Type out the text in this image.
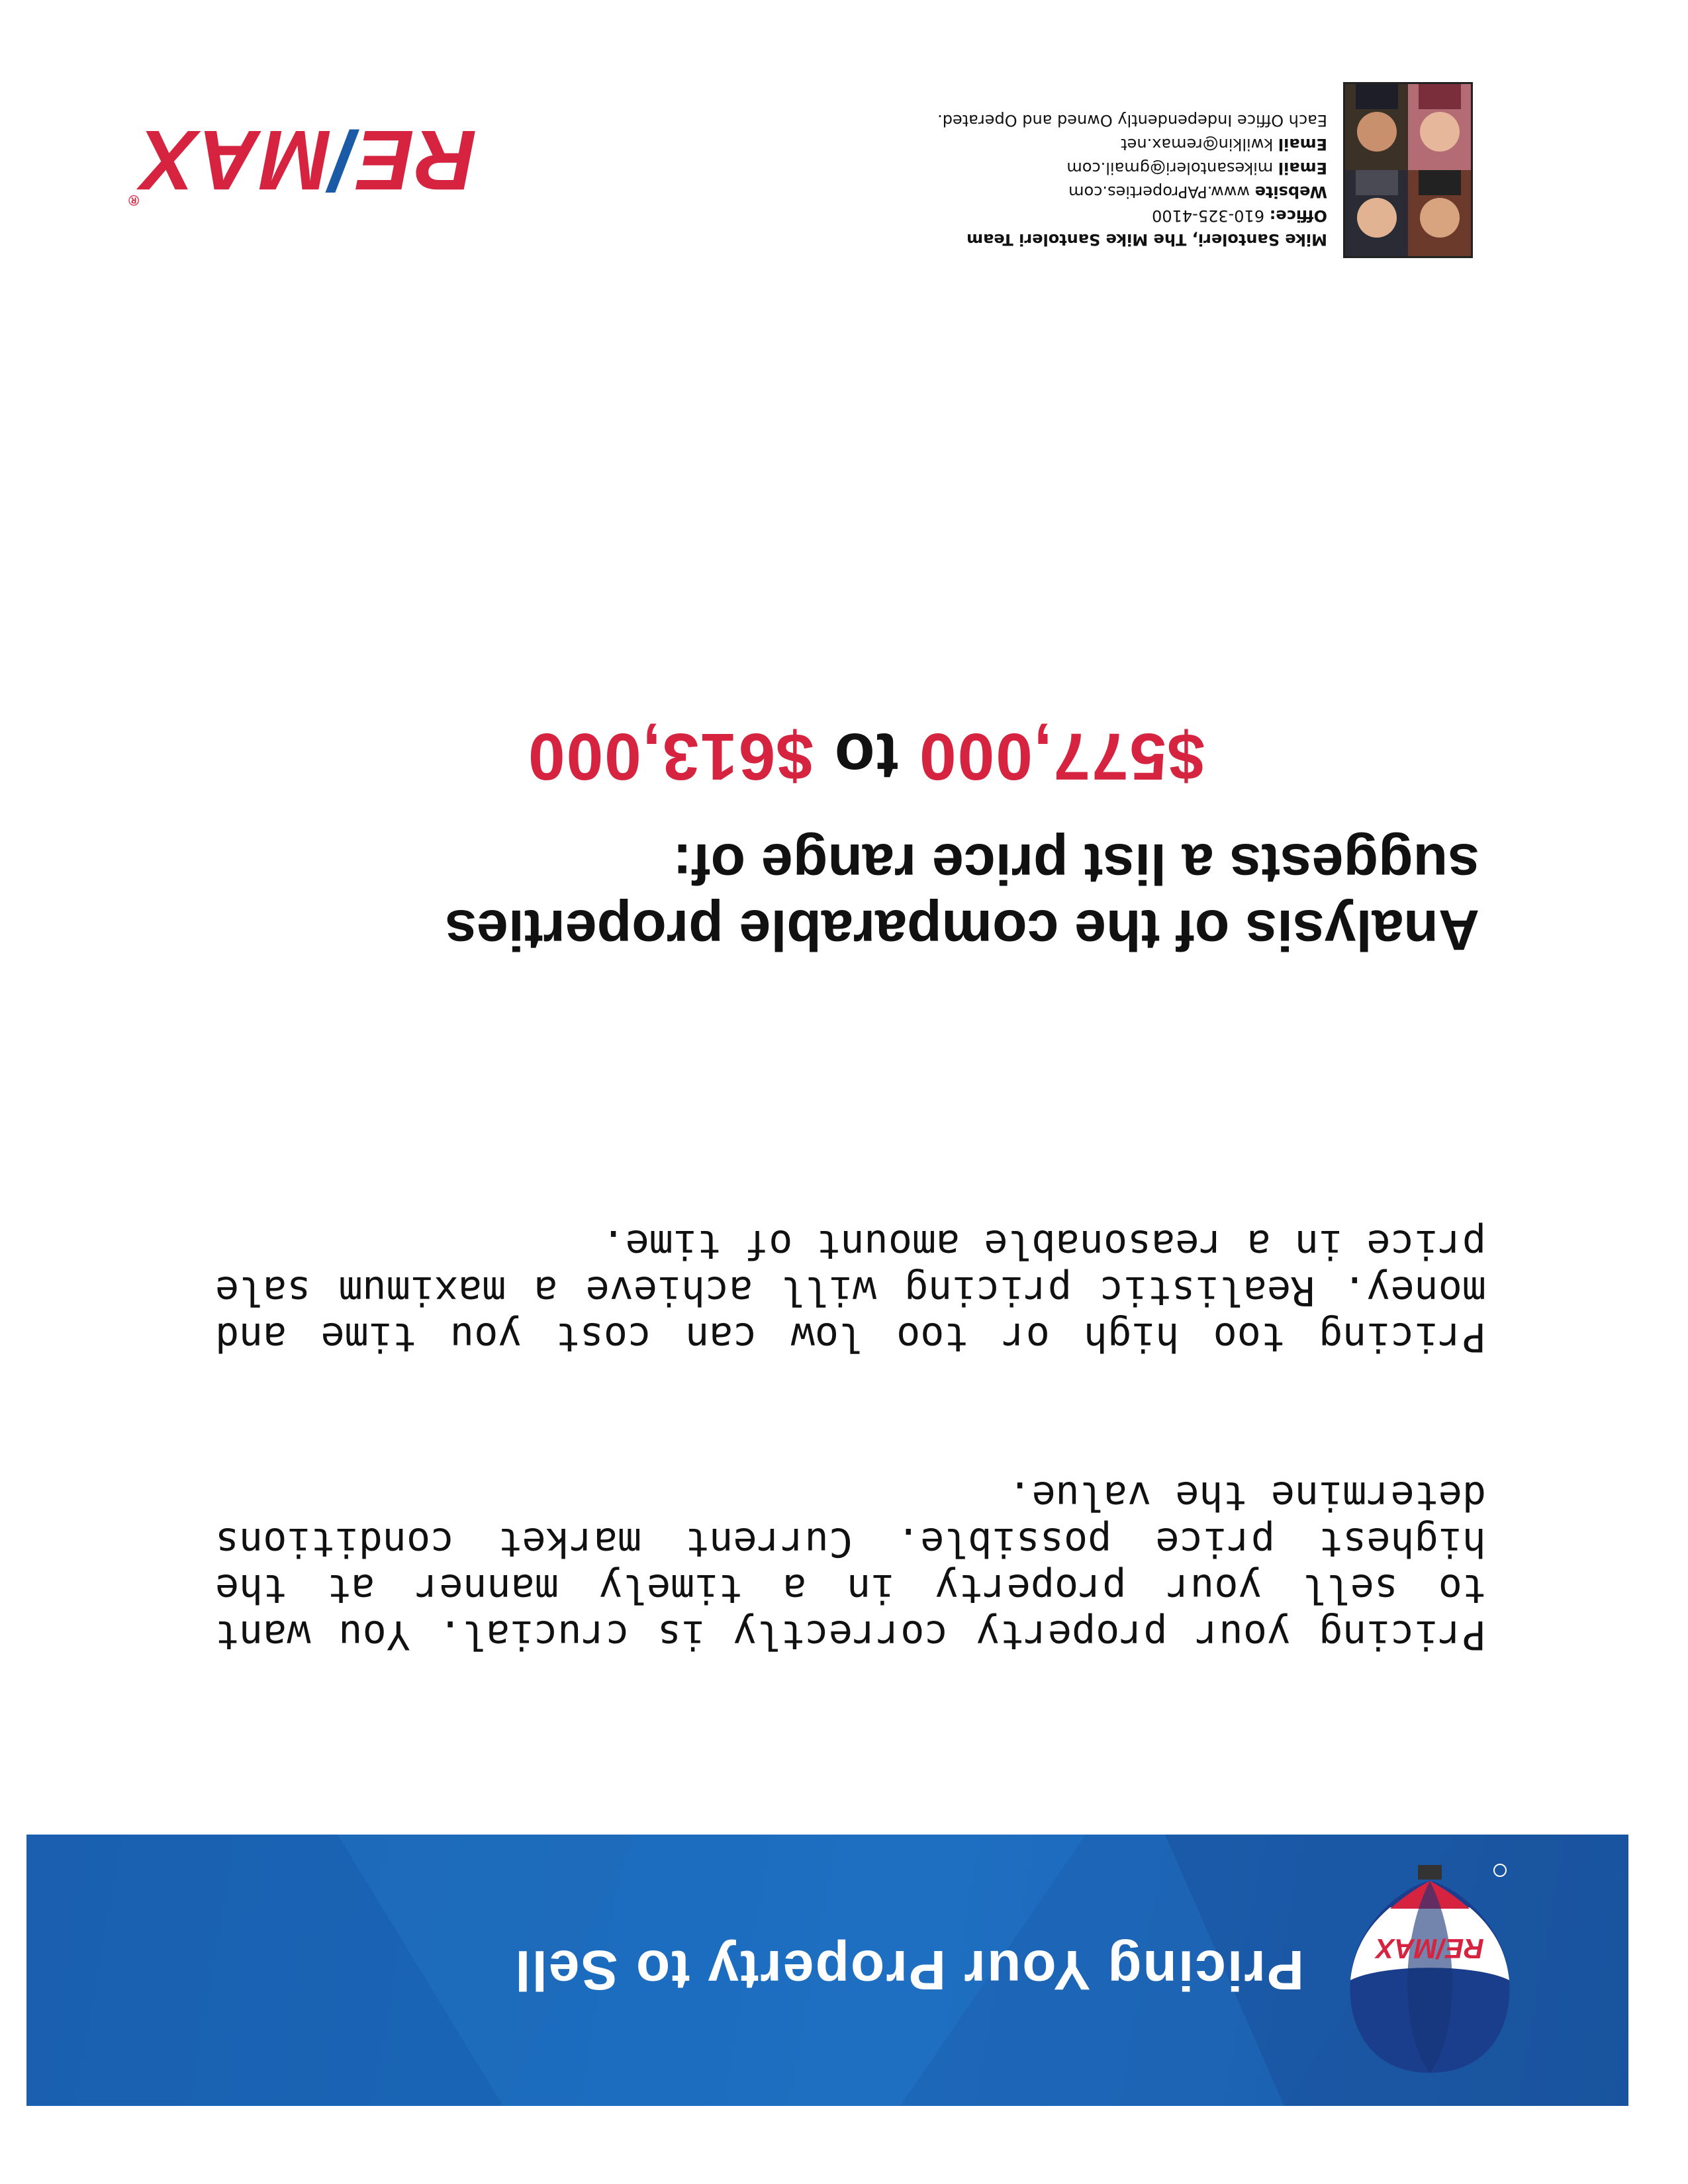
RE/MAX
Pricing Your Property to Sell

Pricing your property correctly is crucial. You want to sell your property in a timely manner at the highest price possible. Current market conditions determine the value.

Pricing too high or too low can cost you time and money. Realistic pricing will achieve a maximum sale price in a reasonable amount of time.

Analysis of the comparable properties suggests a list price range of:

$577,000 to $613,000
Mike Santoleri, The Mike Santoleri Team
Office: 610-325-4100
Website www.PAProperties.com
Email mikesantoleri@gmail.com
Email kwilkin@remax.net
Each Office Independently Owned and Operated.
RE/MAX®
